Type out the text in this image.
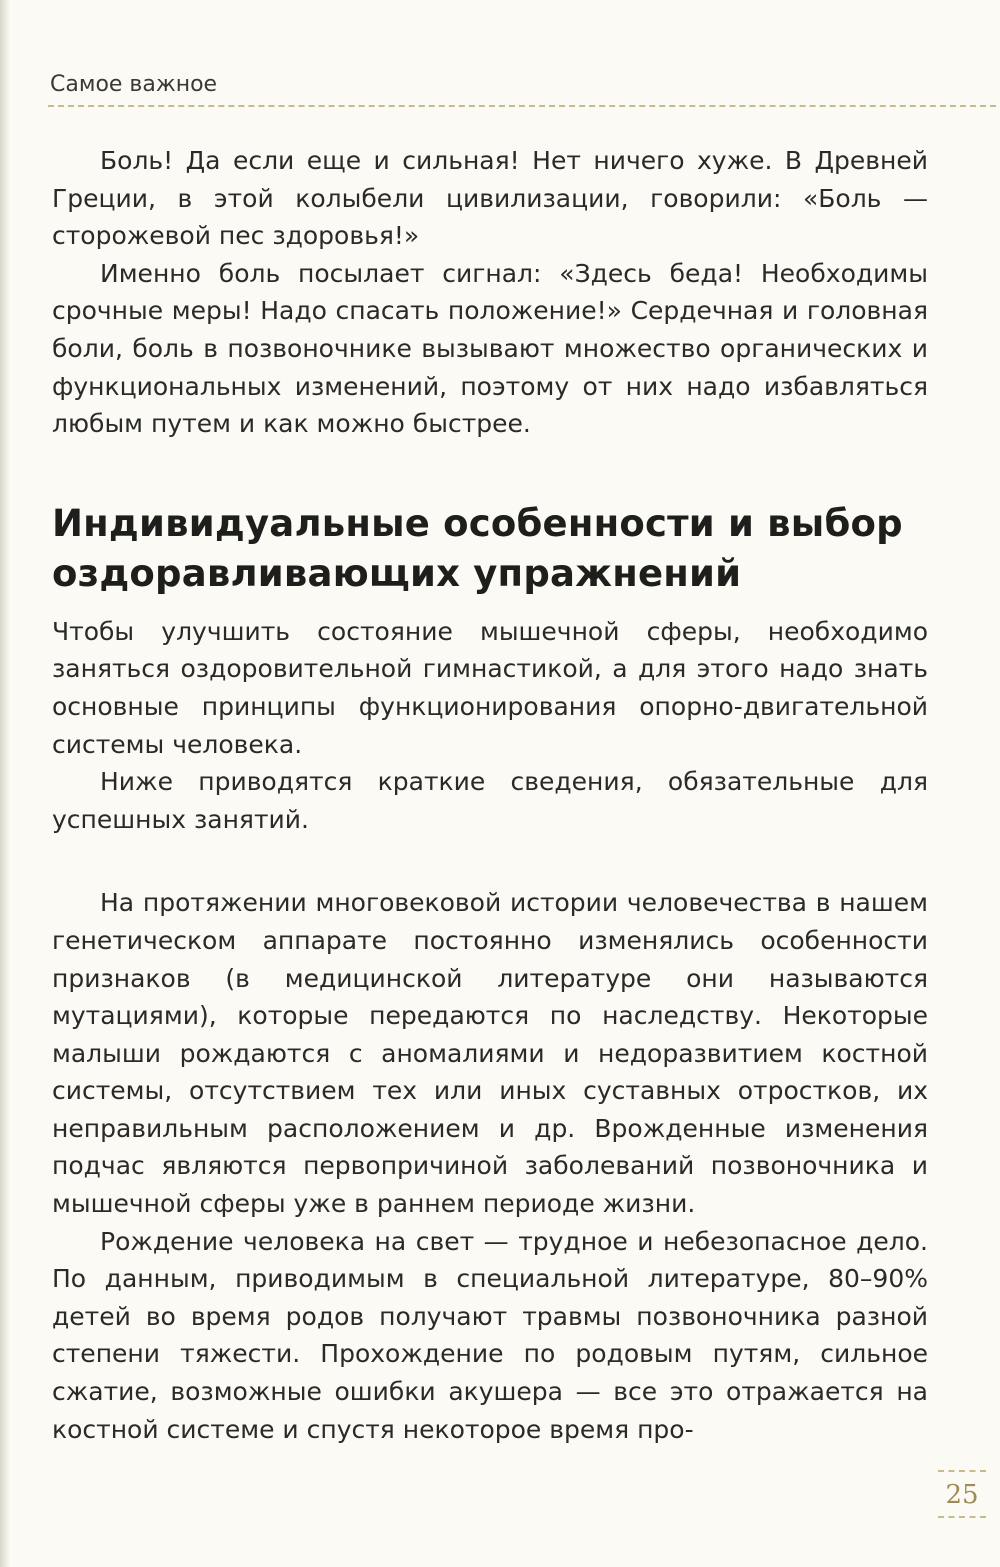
Самое важное

Боль! Да если еще и сильная! Нет ничего хуже. В Древней Греции, в этой колыбели цивилизации, говорили: «Боль — сторожевой пес здоровья!»

Именно боль посылает сигнал: «Здесь беда! Необходимы срочные меры! Надо спасать положение!» Сердечная и головная боли, боль в позвоночнике вызывают множество органических и функциональных изменений, поэтому от них надо избавляться любым путем и как можно быстрее.

Индивидуальные особенности и выбор оздоравливающих упражнений

Чтобы улучшить состояние мышечной сферы, необходимо заняться оздоровительной гимнастикой, а для этого надо знать основные принципы функционирования опорно-двигательной системы человека.

Ниже приводятся краткие сведения, обязательные для успешных занятий.

На протяжении многовековой истории человечества в нашем генетическом аппарате постоянно изменялись особенности признаков (в медицинской литературе они называются мутациями), которые передаются по наследству. Некоторые малыши рождаются с аномалиями и недоразвитием костной системы, отсутствием тех или иных суставных отростков, их неправильным расположением и др. Врожденные изменения подчас являются первопричиной заболеваний позвоночника и мышечной сферы уже в раннем периоде жизни.

Рождение человека на свет — трудное и небезопасное дело. По данным, приводимым в специальной литературе, 80–90% детей во время родов получают травмы позвоночника разной степени тяжести. Прохождение по родовым путям, сильное сжатие, возможные ошибки акушера — все это отражается на костной системе и спустя некоторое время про-

25
